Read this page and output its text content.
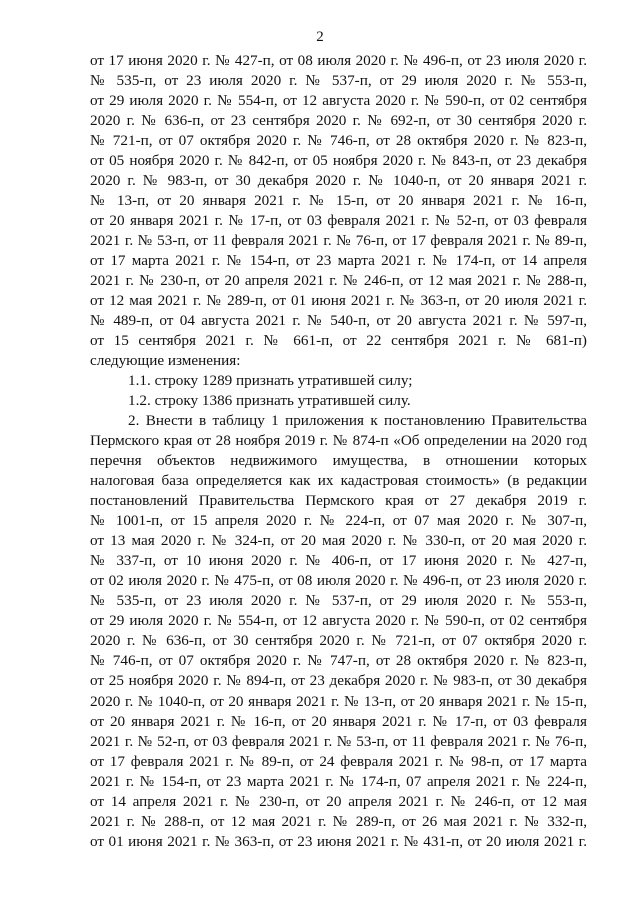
2
от 17 июня 2020 г. № 427-п, от 08 июля 2020 г. № 496-п, от 23 июля 2020 г.
№ 535-п, от 23 июля 2020 г. № 537-п, от 29 июля 2020 г. № 553-п,
от 29 июля 2020 г. № 554-п, от 12 августа 2020 г. № 590-п, от 02 сентября
2020 г. № 636-п, от 23 сентября 2020 г. № 692-п, от 30 сентября 2020 г.
№ 721-п, от 07 октября 2020 г. № 746-п, от 28 октября 2020 г. № 823-п,
от 05 ноября 2020 г. № 842-п, от 05 ноября 2020 г. № 843-п, от 23 декабря
2020 г. № 983-п, от 30 декабря 2020 г. № 1040-п, от 20 января 2021 г.
№ 13-п, от 20 января 2021 г. № 15-п, от 20 января 2021 г. № 16-п,
от 20 января 2021 г. № 17-п, от 03 февраля 2021 г. № 52-п, от 03 февраля
2021 г. № 53-п, от 11 февраля 2021 г. № 76-п, от 17 февраля 2021 г. № 89-п,
от 17 марта 2021 г. № 154-п, от 23 марта 2021 г. № 174-п, от 14 апреля
2021 г. № 230-п, от 20 апреля 2021 г. № 246-п, от 12 мая 2021 г. № 288-п,
от 12 мая 2021 г. № 289-п, от 01 июня 2021 г. № 363-п, от 20 июля 2021 г.
№ 489-п, от 04 августа 2021 г. № 540-п, от 20 августа 2021 г. № 597-п,
от 15 сентября 2021 г. № 661-п, от 22 сентября 2021 г. № 681-п)
следующие изменения:
1.1. строку 1289 признать утратившей силу;
1.2. строку 1386 признать утратившей силу.
2. Внести в таблицу 1 приложения к постановлению Правительства
Пермского края от 28 ноября 2019 г. № 874-п «Об определении на 2020 год
перечня объектов недвижимого имущества, в отношении которых
налоговая база определяется как их кадастровая стоимость» (в редакции
постановлений Правительства Пермского края от 27 декабря 2019 г.
№ 1001-п, от 15 апреля 2020 г. № 224-п, от 07 мая 2020 г. № 307-п,
от 13 мая 2020 г. № 324-п, от 20 мая 2020 г. № 330-п, от 20 мая 2020 г.
№ 337-п, от 10 июня 2020 г. № 406-п, от 17 июня 2020 г. № 427-п,
от 02 июля 2020 г. № 475-п, от 08 июля 2020 г. № 496-п, от 23 июля 2020 г.
№ 535-п, от 23 июля 2020 г. № 537-п, от 29 июля 2020 г. № 553-п,
от 29 июля 2020 г. № 554-п, от 12 августа 2020 г. № 590-п, от 02 сентября
2020 г. № 636-п, от 30 сентября 2020 г. № 721-п, от 07 октября 2020 г.
№ 746-п, от 07 октября 2020 г. № 747-п, от 28 октября 2020 г. № 823-п,
от 25 ноября 2020 г. № 894-п, от 23 декабря 2020 г. № 983-п, от 30 декабря
2020 г. № 1040-п, от 20 января 2021 г. № 13-п, от 20 января 2021 г. № 15-п,
от 20 января 2021 г. № 16-п, от 20 января 2021 г. № 17-п, от 03 февраля
2021 г. № 52-п, от 03 февраля 2021 г. № 53-п, от 11 февраля 2021 г. № 76-п,
от 17 февраля 2021 г. № 89-п, от 24 февраля 2021 г. № 98-п, от 17 марта
2021 г. № 154-п, от 23 марта 2021 г. № 174-п, 07 апреля 2021 г. № 224-п,
от 14 апреля 2021 г. № 230-п, от 20 апреля 2021 г. № 246-п, от 12 мая
2021 г. № 288-п, от 12 мая 2021 г. № 289-п, от 26 мая 2021 г. № 332-п,
от 01 июня 2021 г. № 363-п, от 23 июня 2021 г. № 431-п, от 20 июля 2021 г.
